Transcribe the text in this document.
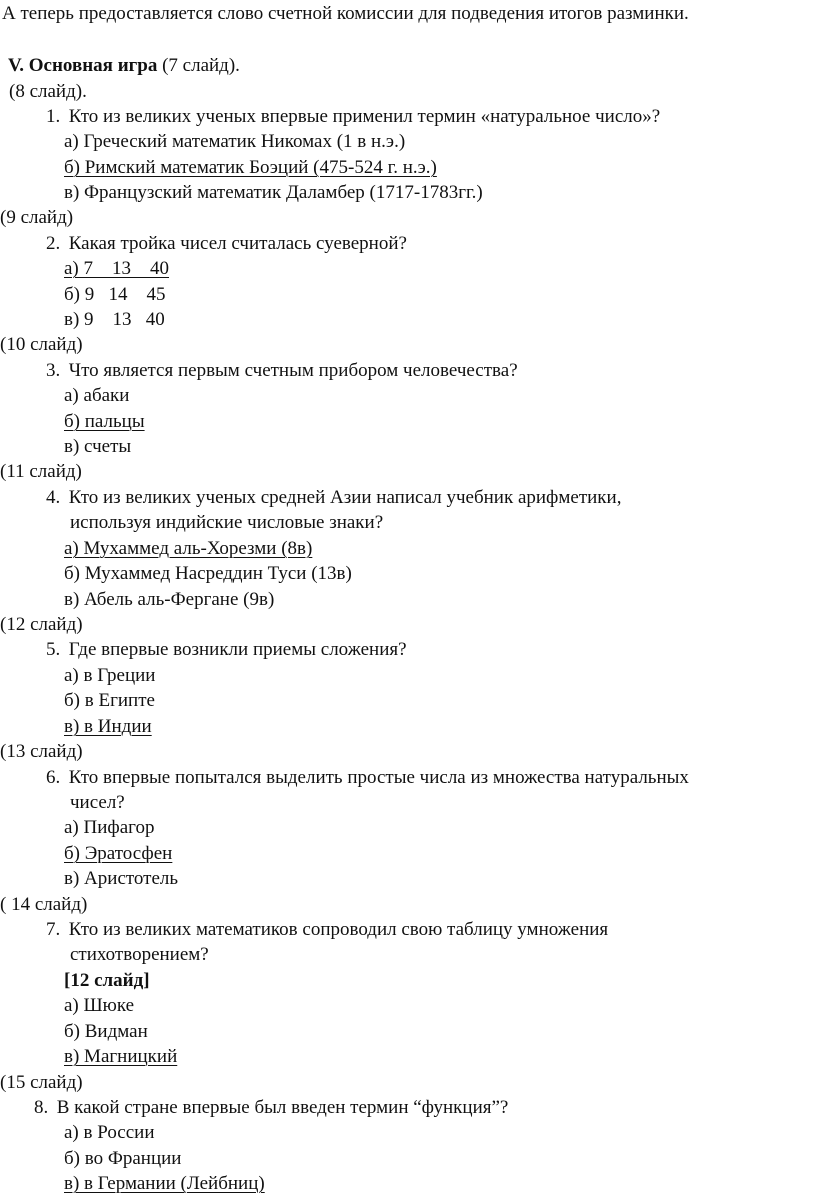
А теперь предоставляется слово счетной комиссии для подведения итогов разминки.
V. Основная игра (7 слайд).
(8 слайд).
1. Кто из великих ученых впервые применил термин «натуральное число»?
а) Греческий математик Никомах (1 в н.э.)
б) Римский математик Боэций (475-524 г. н.э.)
в) Французский математик Даламбер (1717-1783гг.)
(9 слайд)
2. Какая тройка чисел считалась суеверной?
а) 7    13    40
б) 9   14    45
в) 9    13   40
(10 слайд)
3. Что является первым счетным прибором человечества?
а) абаки
б) пальцы
в) счеты
(11 слайд)
4. Кто из великих ученых средней Азии написал учебник арифметики,
используя индийские числовые знаки?
а) Мухаммед аль-Хорезми (8в)
б) Мухаммед Насреддин Туси (13в)
в) Абель аль-Фергане (9в)
(12 слайд)
5. Где впервые возникли приемы сложения?
а) в Греции
б) в Египте
в) в Индии
(13 слайд)
6. Кто впервые попытался выделить простые числа из множества натуральных
чисел?
а) Пифагор
б) Эратосфен
в) Аристотель
( 14 слайд)
7. Кто из великих математиков сопроводил свою таблицу умножения
стихотворением?
[12 слайд]
а) Шюке
б) Видман
в) Магницкий
(15 слайд)
8. В какой стране впервые был введен термин “функция”?
а) в России
б) во Франции
в) в Германии (Лейбниц)
